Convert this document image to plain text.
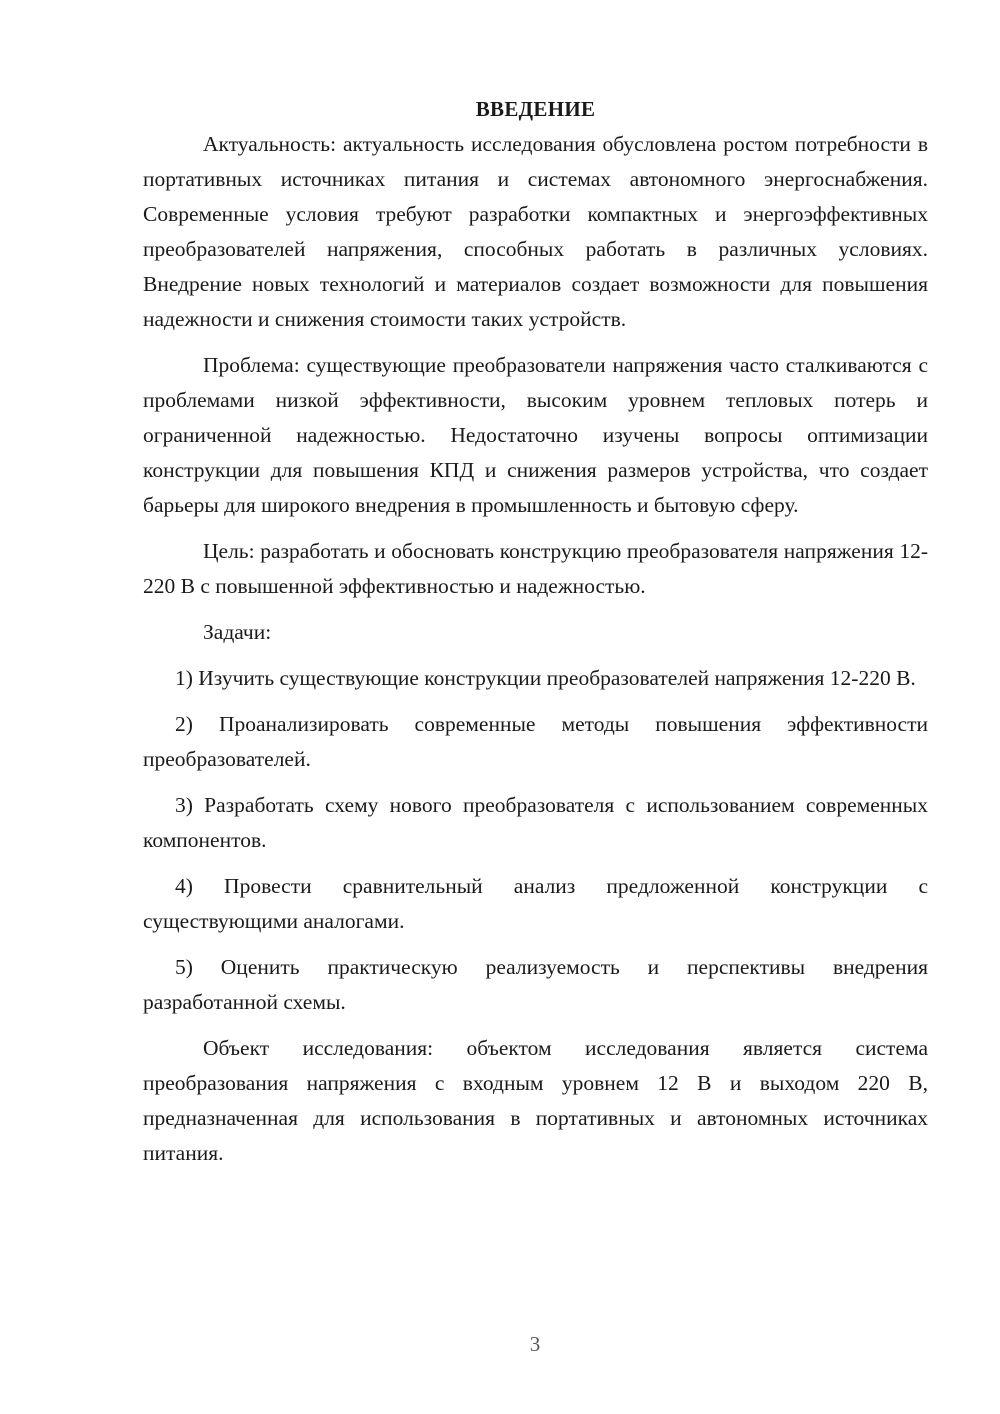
ВВЕДЕНИЕ

Актуальность: актуальность исследования обусловлена ростом потребности в портативных источниках питания и системах автономного энергоснабжения. Современные условия требуют разработки компактных и энергоэффективных преобразователей напряжения, способных работать в различных условиях. Внедрение новых технологий и материалов создает возможности для повышения надежности и снижения стоимости таких устройств.

Проблема: существующие преобразователи напряжения часто сталкиваются с проблемами низкой эффективности, высоким уровнем тепловых потерь и ограниченной надежностью. Недостаточно изучены вопросы оптимизации конструкции для повышения КПД и снижения размеров устройства, что создает барьеры для широкого внедрения в промышленность и бытовую сферу.

Цель: разработать и обосновать конструкцию преобразователя напряжения 12-220 В с повышенной эффективностью и надежностью.

Задачи:

1) Изучить существующие конструкции преобразователей напряжения 12-220 В.

2) Проанализировать современные методы повышения эффективности преобразователей.

3) Разработать схему нового преобразователя с использованием современных компонентов.

4) Провести сравнительный анализ предложенной конструкции с существующими аналогами.

5) Оценить практическую реализуемость и перспективы внедрения разработанной схемы.

Объект исследования: объектом исследования является система преобразования напряжения с входным уровнем 12 В и выходом 220 В, предназначенная для использования в портативных и автономных источниках питания.

3
